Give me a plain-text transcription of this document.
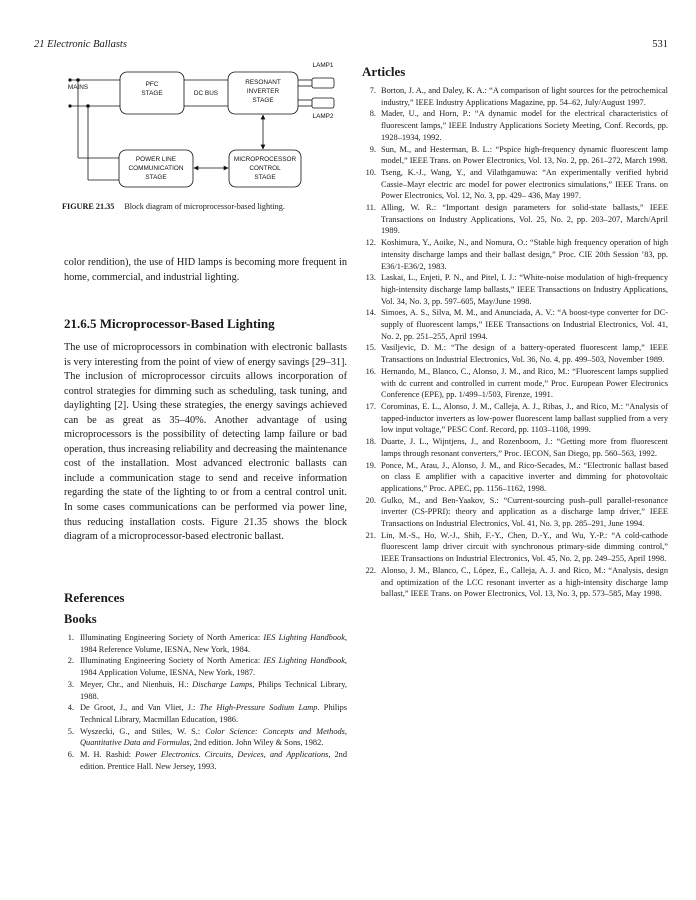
21 Electronic Ballasts	531
LAMP1
LAMP2
MAINS	PFC
STAGE	DC BUS
RESONANT
INVERTER
STAGE
POWER LINE
COMMUNICATION
STAGE
MICROPROCESSOR
CONTROL
STAGE
FIGURE 21.35 Block diagram of microprocessor-based lighting.

color rendition), the use of HID lamps is becoming more frequent in home, commercial, and industrial lighting.

21.6.5 Microprocessor-Based Lighting

The use of microprocessors in combination with electronic ballasts is very interesting from the point of view of energy savings [29–31]. The inclusion of microprocessor circuits allows incorporation of control strategies for dimming such as scheduling, task tuning, and daylighting [2]. Using these strategies, the energy savings achieved can be as great as 35–40%. Another advantage of using microprocessors is the possibility of detecting lamp failure or bad operation, thus increasing reliability and decreasing the maintenance cost of the installation. Most advanced electronic ballasts can include a communication stage to send and receive information regarding the state of the lighting to or from a central control unit. In some cases communications can be performed via power line, thus reducing installation costs. Figure 21.35 shows the block diagram of a microprocessor-based electronic ballast.

References
Books
1. Illuminating Engineering Society of North America: IES Lighting Handbook, 1984 Reference Volume, IESNA, New York, 1984.
2. Illuminating Engineering Society of North America: IES Lighting Handbook, 1984 Application Volume, IESNA, New York, 1987.
3. Meyer, Chr., and Nienhuis, H.: Discharge Lamps, Philips Technical Library, 1988.
4. De Groot, J., and Van Vliet, J.: The High-Pressure Sodium Lamp. Philips Technical Library, Macmillan Education, 1986.
5. Wyszecki, G., and Stiles, W. S.: Color Science: Concepts and Methods, Quantitative Data and Formulas, 2nd edition. John Wiley & Sons, 1982.
6. M. H. Rashid: Power Electronics. Circuits, Devices, and Applications, 2nd edition. Prentice Hall. New Jersey, 1993.
Articles
7. Borton, J. A., and Daley, K. A.: “A comparison of light sources for the petrochemical industry,” IEEE Industry Applications Magazine, pp. 54–62, July/August 1997.
8. Mader, U., and Horn, P.: “A dynamic model for the electrical characteristics of fluorescent lamps,” IEEE Industry Applications Society Meeting, Conf. Records, pp. 1928–1934, 1992.
9. Sun, M., and Hesterman, B. L.: “Pspice high-frequency dynamic fluorescent lamp model,” IEEE Trans. on Power Electronics, Vol. 13, No. 2, pp. 261–272, March 1998.
10. Tseng, K.-J., Wang, Y., and Vilathgamuwa: “An experimentally verified hybrid Cassie–Mayr electric arc model for power electronics simulations,” IEEE Trans. on Power Electronics, Vol. 12, No. 3, pp. 429– 436, May 1997.
11. Alling, W. R.: “Important design parameters for solid-state ballasts,” IEEE Transactions on Industry Applications, Vol. 25, No. 2, pp. 203–207, March/April 1989.
12. Koshimura, Y., Aoike, N., and Nomura, O.: “Stable high frequency operation of high intensity discharge lamps and their ballast design,” Proc. CIE 20th Session ’83, pp. E36/1-E36/2, 1983.
13. Laskai, L., Enjeti, P. N., and Pitel, I. J.: “White-noise modulation of high-frequency high-intensity discharge lamp ballasts,” IEEE Transactions on Industry Applications, Vol. 34, No. 3, pp. 597–605, May/June 1998.
14. Simoes, A. S., Silva, M. M., and Anunciada, A. V.: “A boost-type converter for DC-supply of fluorescent lamps,” IEEE Transactions on Industrial Electronics, Vol. 41, No. 2, pp. 251–255, April 1994.
15. Vasiljevic, D. M.: “The design of a battery-operated fluorescent lamp,” IEEE Transactions on Industrial Electronics, Vol. 36, No. 4, pp. 499–503, November 1989.
16. Hernando, M., Blanco, C., Alonso, J. M., and Rico, M.: “Fluorescent lamps supplied with dc current and controlled in current mode,” Proc. European Power Electronics Conference (EPE), pp. 1/499–1/503, Firenze, 1991.
17. Corominas, E. L., Alonso, J. M., Calleja, A. J., Ribas, J., and Rico, M.: “Analysis of tapped-inductor inverters as low-power fluorescent lamp ballast supplied from a very low input voltage,” PESC Conf. Record, pp. 1103–1108, 1999.
18. Duarte, J. L., Wijntjens, J., and Rozenboom, J.: “Getting more from fluorescent lamps through resonant converters,” Proc. IECON, San Diego, pp. 560–563, 1992.
19. Ponce, M., Arau, J., Alonso, J. M., and Rico-Secades, M.: “Electronic ballast based on class E amplifier with a capacitive inverter and dimming for photovoltaic applications,” Proc. APEC, pp. 1156–1162, 1998.
20. Gulko, M., and Ben-Yaakov, S.: “Current-sourcing push–pull parallel-resonance inverter (CS-PPRI): theory and application as a discharge lamp driver,” IEEE Transactions on Industrial Electronics, Vol. 41, No. 3, pp. 285–291, June 1994.
21. Lin, M.-S., Ho, W.-J., Shih, F.-Y., Chen, D.-Y., and Wu, Y.-P.: “A cold-cathode fluorescent lamp driver circuit with synchronous primary-side dimming control,” IEEE Transactions on Industrial Electronics, Vol. 45, No. 2, pp. 249–255, April 1998.
22. Alonso, J. M., Blanco, C., López, E., Calleja, A. J. and Rico, M.: “Analysis, design and optimization of the LCC resonant inverter as a high-intensity discharge lamp ballast,” IEEE Trans. on Power Electronics, Vol. 13, No. 3, pp. 573–585, May 1998.
